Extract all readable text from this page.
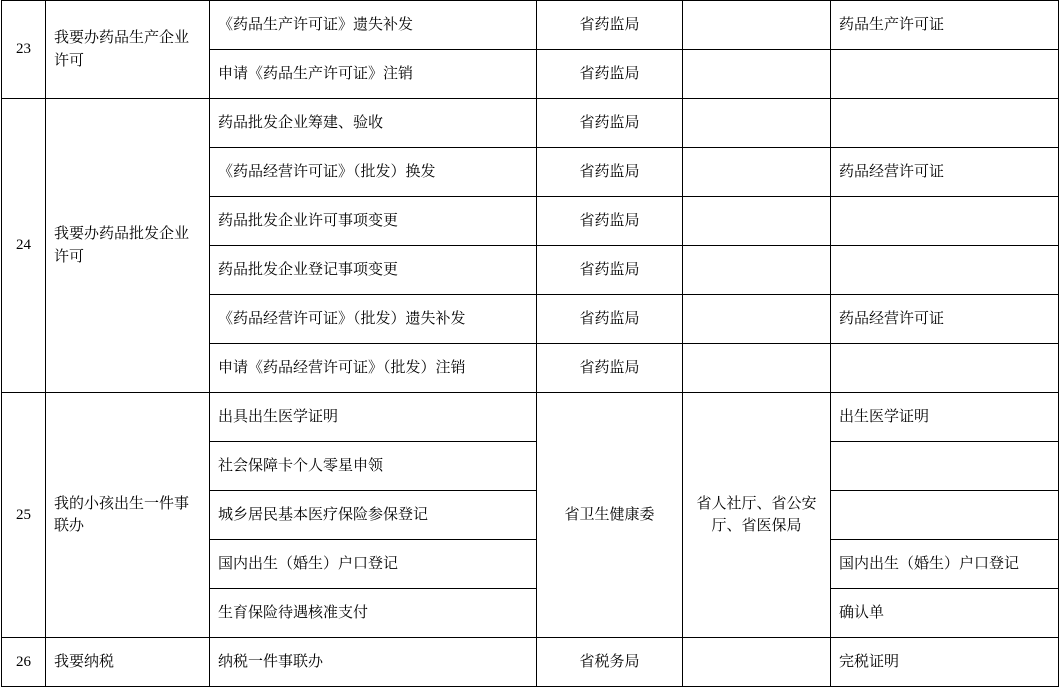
23	我要办药品生产企业许可	《药品生产许可证》遗失补发	省药监局		药品生产许可证
		申请《药品生产许可证》注销	省药监局		
24	我要办药品批发企业许可	药品批发企业筹建、验收	省药监局		
		《药品经营许可证》（批发）换发	省药监局		药品经营许可证
		药品批发企业许可事项变更	省药监局		
		药品批发企业登记事项变更	省药监局		
		《药品经营许可证》（批发）遗失补发	省药监局		药品经营许可证
		申请《药品经营许可证》（批发）注销	省药监局		
25	我的小孩出生一件事联办	出具出生医学证明	省卫生健康委	省人社厅、省公安厅、省医保局	出生医学证明
		社会保障卡个人零星申领			
		城乡居民基本医疗保险参保登记			
		国内出生（婚生）户口登记			国内出生（婚生）户口登记
		生育保险待遇核准支付			确认单
26	我要纳税	纳税一件事联办	省税务局		完税证明
